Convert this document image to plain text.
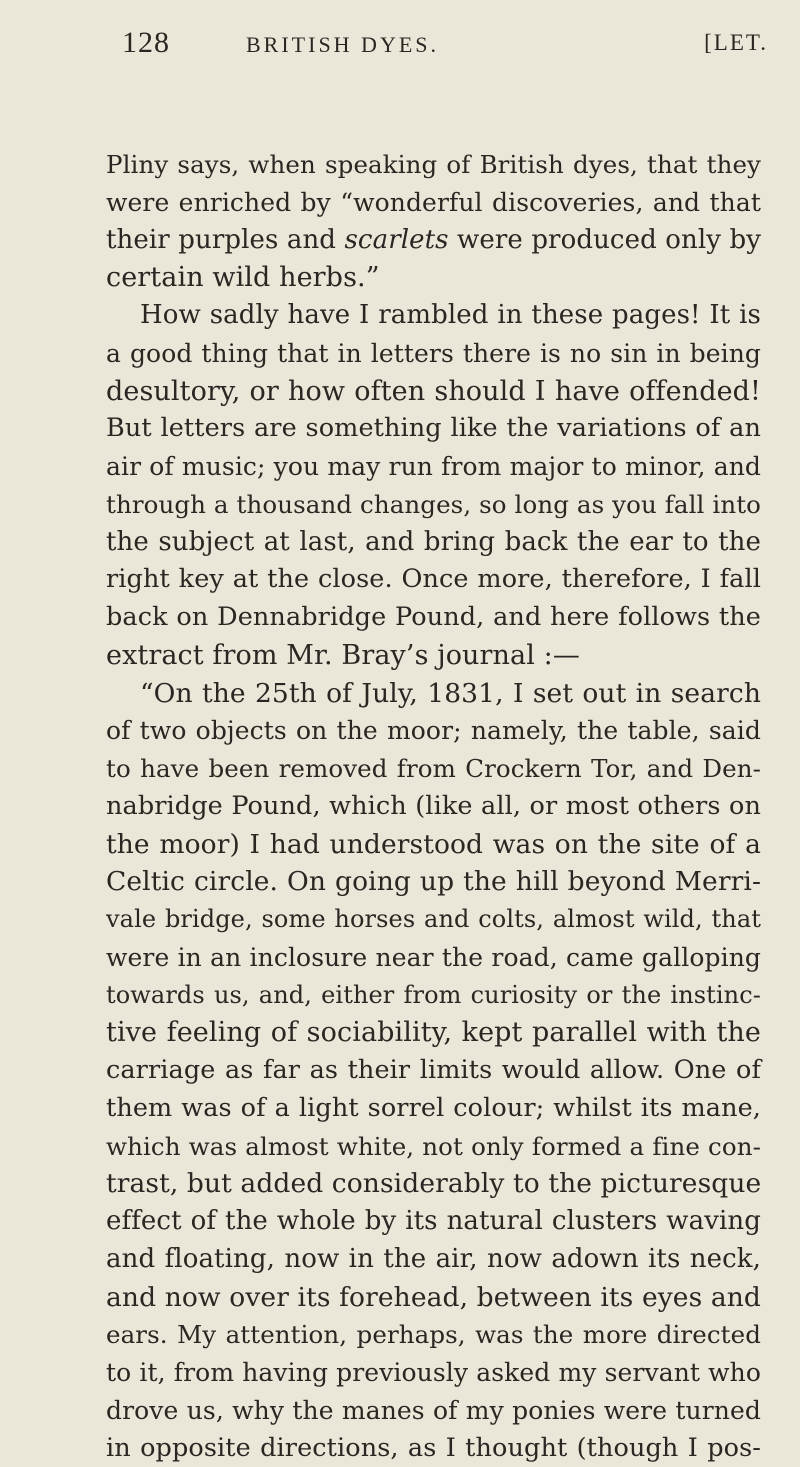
128	BRITISH DYES.	[LET.
Pliny says, when speaking of British dyes, that they
were enriched by “wonderful discoveries, and that
their purples and scarlets were produced only by
certain wild herbs.”
How sadly have I rambled in these pages! It is
a good thing that in letters there is no sin in being
desultory, or how often should I have offended!
But letters are something like the variations of an
air of music; you may run from major to minor, and
through a thousand changes, so long as you fall into
the subject at last, and bring back the ear to the
right key at the close. Once more, therefore, I fall
back on Dennabridge Pound, and here follows the
extract from Mr. Bray’s journal :—
“On the 25th of July, 1831, I set out in search
of two objects on the moor; namely, the table, said
to have been removed from Crockern Tor, and Den-
nabridge Pound, which (like all, or most others on
the moor) I had understood was on the site of a
Celtic circle. On going up the hill beyond Merri-
vale bridge, some horses and colts, almost wild, that
were in an inclosure near the road, came galloping
towards us, and, either from curiosity or the instinc-
tive feeling of sociability, kept parallel with the
carriage as far as their limits would allow. One of
them was of a light sorrel colour; whilst its mane,
which was almost white, not only formed a fine con-
trast, but added considerably to the picturesque
effect of the whole by its natural clusters waving
and floating, now in the air, now adown its neck,
and now over its forehead, between its eyes and
ears. My attention, perhaps, was the more directed
to it, from having previously asked my servant who
drove us, why the manes of my ponies were turned
in opposite directions, as I thought (though I pos-
